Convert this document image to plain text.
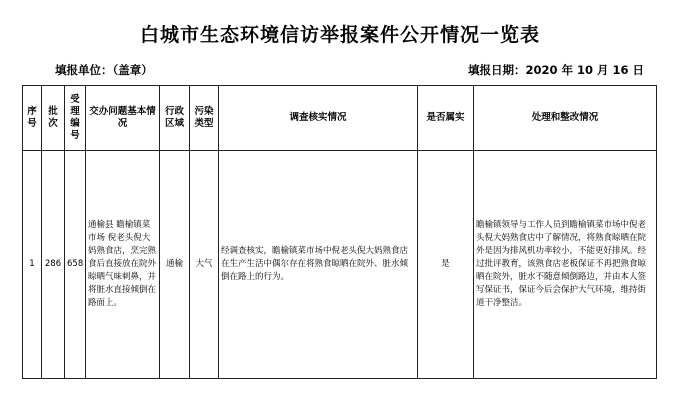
白城市生态环境信访举报案件公开情况一览表
填报单位：（盖章）	填报日期：2020 年 10 月 16 日
序号	批次	受理编号	交办问题基本情况	行政区域	污染类型	调查核实情况	是否属实	处理和整改情况
1	286	658	通榆县 瞻榆镇菜市场 倪老头倪大妈熟食店，烹完熟食后直接放在院外晾晒气味刺鼻，并将脏水直接倾倒在路面上。	通榆	大气	经调查核实，瞻榆镇菜市场中倪老头倪大妈熟食店在生产生活中偶尔存在将熟食晾晒在院外、脏水倾倒在路上的行为。	是	瞻榆镇领导与工作人员到瞻榆镇菜市场中倪老头倪大妈熟食店中了解情况，将熟食晾晒在院外是因为排风机功率较小，不能更好排风。经过批评教育，该熟食店老板保证不再把熟食晾晒在院外，脏水不随意倾倒路边，并由本人签写保证书，保证今后会保护大气环境，维持街道干净整洁。
